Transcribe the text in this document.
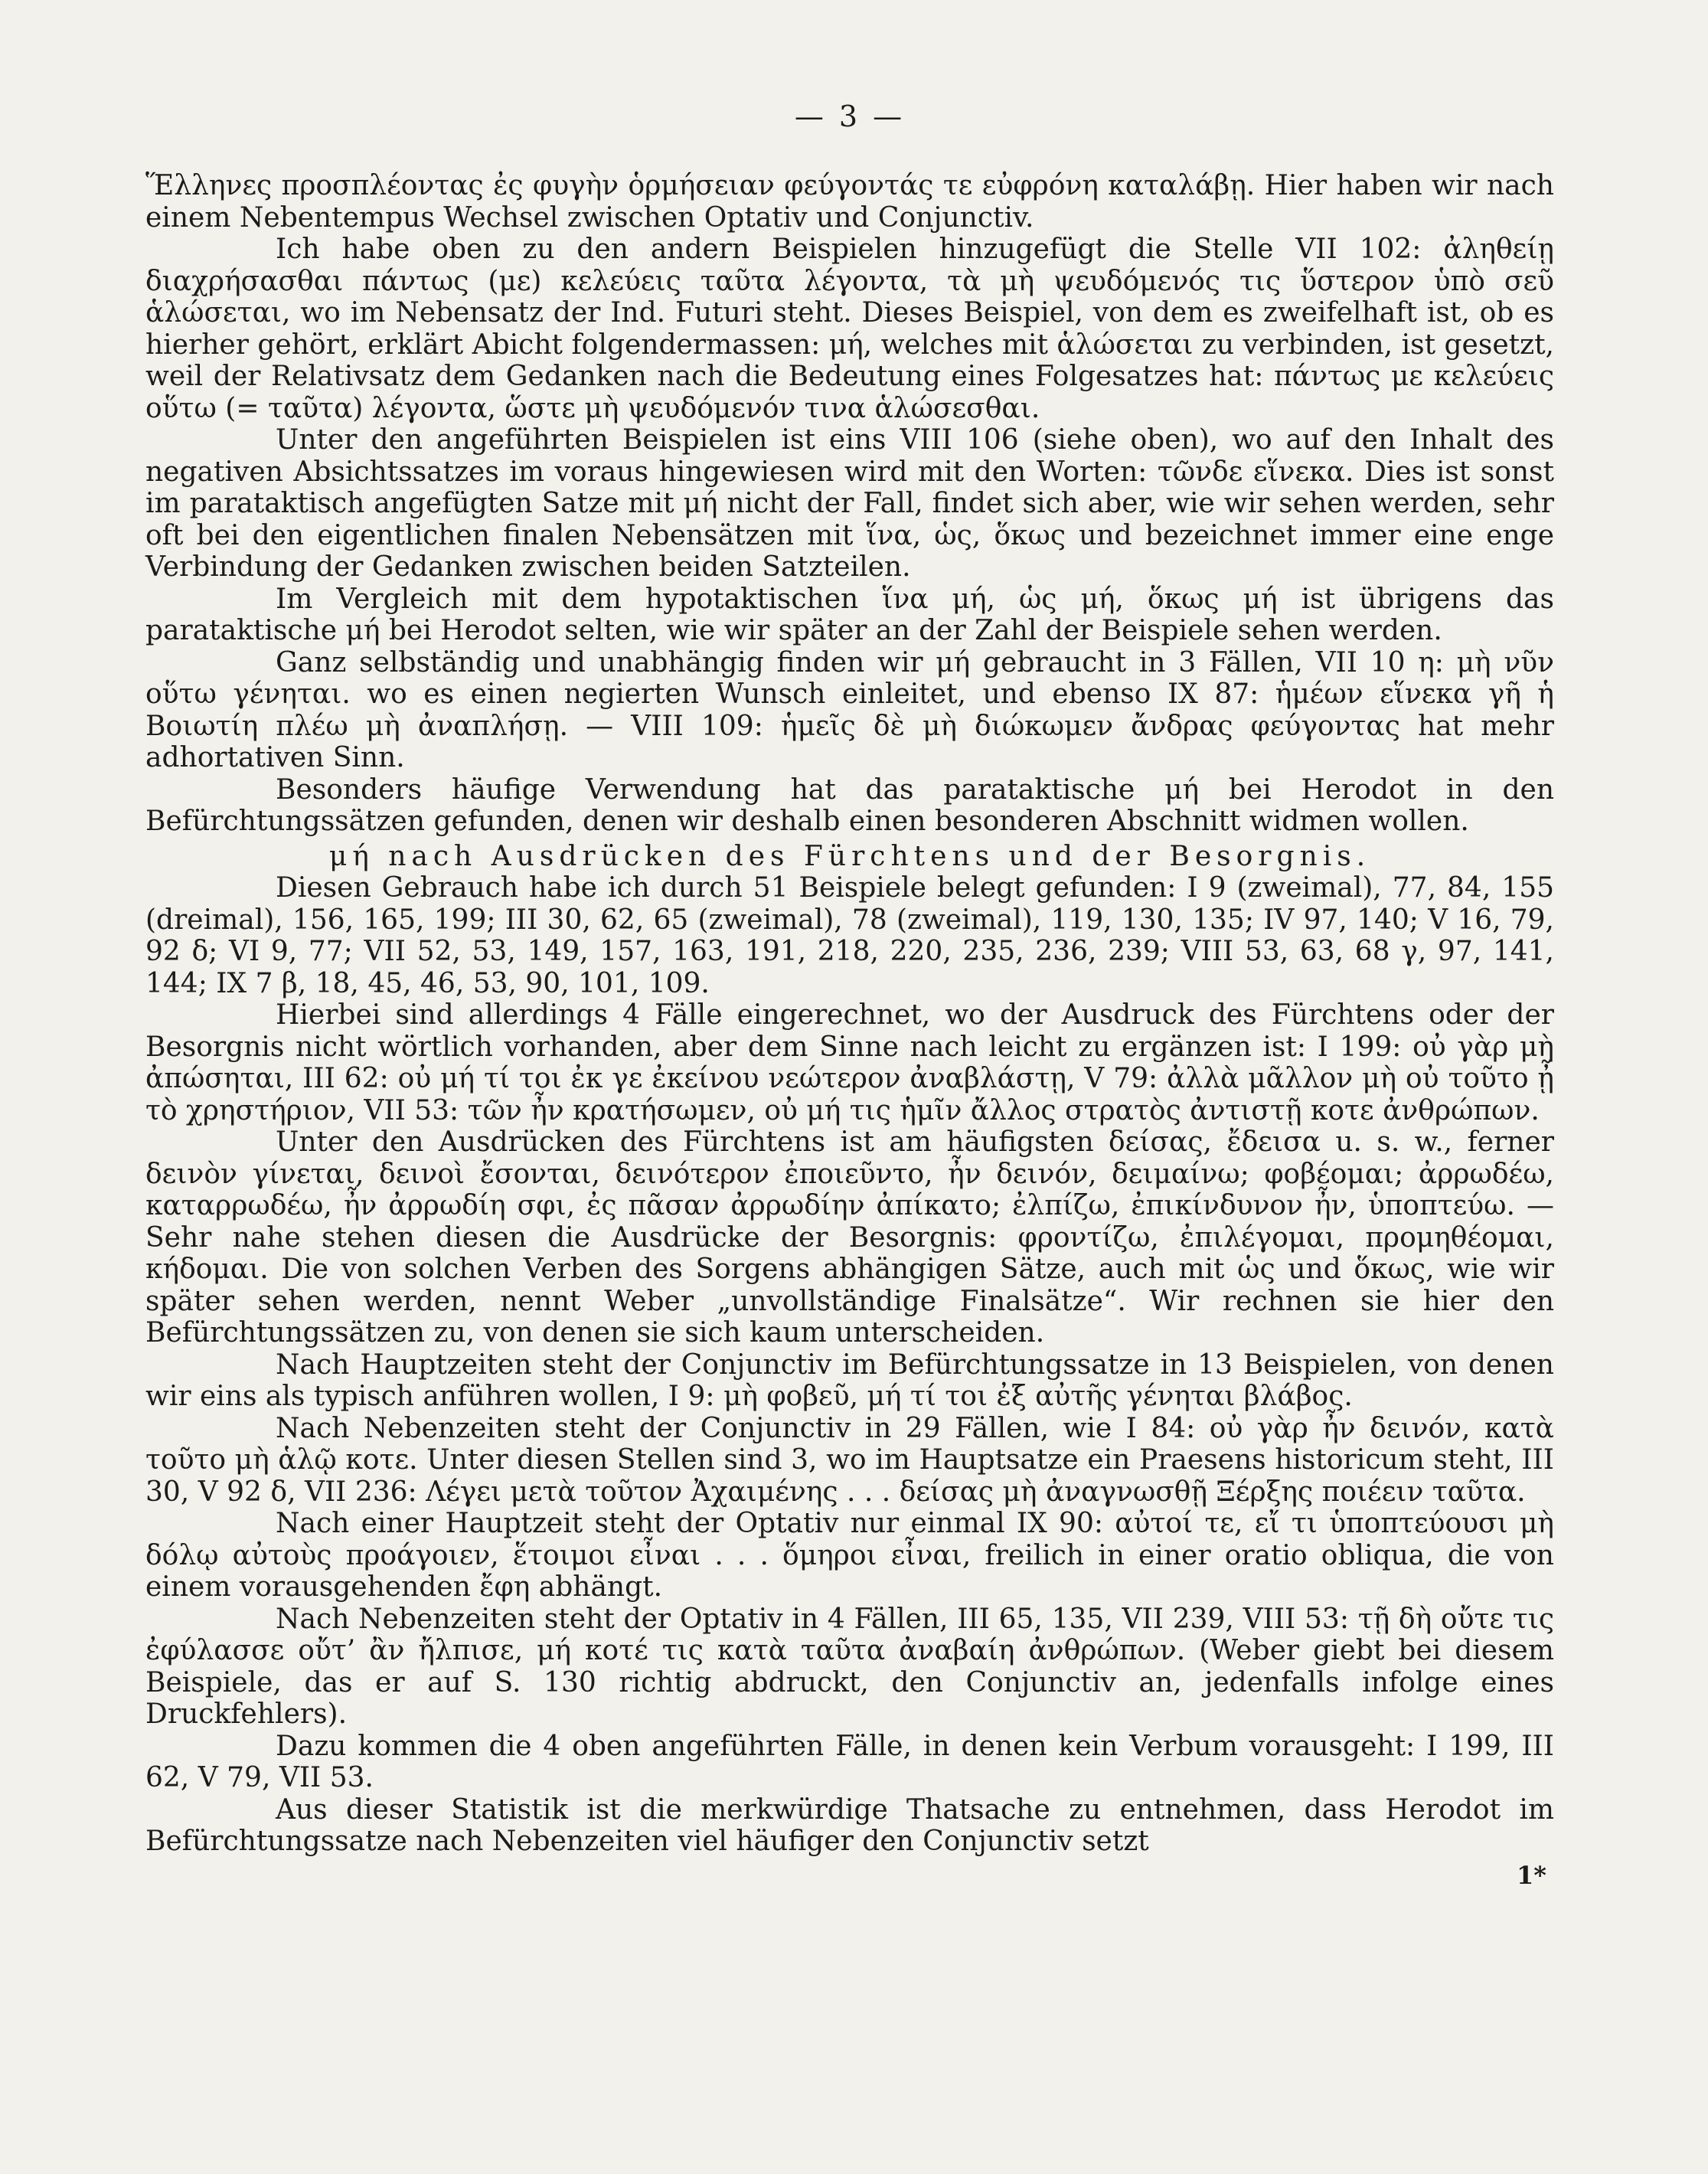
— 3 —

Ἕλληνες προσπλέοντας ἐς φυγὴν ὁρμήσειαν φεύγοντάς τε εὐφρόνη καταλάβῃ. Hier haben wir nach einem Nebentempus Wechsel zwischen Optativ und Conjunctiv.

Ich habe oben zu den andern Beispielen hinzugefügt die Stelle VII 102: ἀληθείῃ διαχρήσασθαι πάντως (με) κελεύεις ταῦτα λέγοντα, τὰ μὴ ψευδόμενός τις ὕστερον ὑπὸ σεῦ ἁλώσεται, wo im Nebensatz der Ind. Futuri steht. Dieses Beispiel, von dem es zweifelhaft ist, ob es hierher gehört, erklärt Abicht folgendermassen: μή, welches mit ἁλώσεται zu verbinden, ist gesetzt, weil der Relativsatz dem Gedanken nach die Bedeutung eines Folgesatzes hat: πάντως με κελεύεις οὕτω (= ταῦτα) λέγοντα, ὥστε μὴ ψευδόμενόν τινα ἁλώσεσθαι.

Unter den angeführten Beispielen ist eins VIII 106 (siehe oben), wo auf den Inhalt des negativen Absichtssatzes im voraus hingewiesen wird mit den Worten: τῶνδε εἵνεκα. Dies ist sonst im parataktisch angefügten Satze mit μή nicht der Fall, findet sich aber, wie wir sehen werden, sehr oft bei den eigentlichen finalen Nebensätzen mit ἵνα, ὡς, ὅκως und bezeichnet immer eine enge Verbindung der Gedanken zwischen beiden Satzteilen.

Im Vergleich mit dem hypotaktischen ἵνα μή, ὡς μή, ὅκως μή ist übrigens das parataktische μή bei Herodot selten, wie wir später an der Zahl der Beispiele sehen werden.

Ganz selbständig und unabhängig finden wir μή gebraucht in 3 Fällen, VII 10 η: μὴ νῦν οὕτω γένηται. wo es einen negierten Wunsch einleitet, und ebenso IX 87: ἡμέων εἵνεκα γῆ ἡ Βοιωτίη πλέω μὴ ἀναπλήσῃ. — VIII 109: ἡμεῖς δὲ μὴ διώκωμεν ἄνδρας φεύγοντας hat mehr adhortativen Sinn.

Besonders häufige Verwendung hat das parataktische μή bei Herodot in den Befürchtungssätzen gefunden, denen wir deshalb einen besonderen Abschnitt widmen wollen.

μή nach Ausdrücken des Fürchtens und der Besorgnis.

Diesen Gebrauch habe ich durch 51 Beispiele belegt gefunden: I 9 (zweimal), 77, 84, 155 (dreimal), 156, 165, 199; III 30, 62, 65 (zweimal), 78 (zweimal), 119, 130, 135; IV 97, 140; V 16, 79, 92 δ; VI 9, 77; VII 52, 53, 149, 157, 163, 191, 218, 220, 235, 236, 239; VIII 53, 63, 68 γ, 97, 141, 144; IX 7 β, 18, 45, 46, 53, 90, 101, 109.

Hierbei sind allerdings 4 Fälle eingerechnet, wo der Ausdruck des Fürchtens oder der Besorgnis nicht wörtlich vorhanden, aber dem Sinne nach leicht zu ergänzen ist: I 199: οὐ γὰρ μὴ ἀπώσηται, III 62: οὐ μή τί τοι ἐκ γε ἐκείνου νεώτερον ἀναβλάστῃ, V 79: ἀλλὰ μᾶλλον μὴ οὐ τοῦτο ᾖ τὸ χρηστήριον, VII 53: τῶν ἦν κρατήσωμεν, οὐ μή τις ἡμῖν ἄλλος στρατὸς ἀντιστῇ κοτε ἀνθρώπων.

Unter den Ausdrücken des Fürchtens ist am häufigsten δείσας, ἔδεισα u. s. w., ferner δεινὸν γίνεται, δεινοὶ ἔσονται, δεινότερον ἐποιεῦντο, ἦν δεινόν, δειμαίνω; φοβέομαι; ἀρρωδέω, καταρρωδέω, ἦν ἀρρωδίη σφι, ἐς πᾶσαν ἀρρωδίην ἀπίκατο; ἐλπίζω, ἐπικίνδυνον ἦν, ὑποπτεύω. — Sehr nahe stehen diesen die Ausdrücke der Besorgnis: φροντίζω, ἐπιλέγομαι, προμηθέομαι, κήδομαι. Die von solchen Verben des Sorgens abhängigen Sätze, auch mit ὡς und ὅκως, wie wir später sehen werden, nennt Weber „unvollständige Finalsätze“. Wir rechnen sie hier den Befürchtungssätzen zu, von denen sie sich kaum unterscheiden.

Nach Hauptzeiten steht der Conjunctiv im Befürchtungssatze in 13 Beispielen, von denen wir eins als typisch anführen wollen, I 9: μὴ φοβεῦ, μή τί τοι ἐξ αὐτῆς γένηται βλάβος.

Nach Nebenzeiten steht der Conjunctiv in 29 Fällen, wie I 84: οὐ γὰρ ἦν δεινόν, κατὰ τοῦτο μὴ ἁλῷ κοτε. Unter diesen Stellen sind 3, wo im Hauptsatze ein Praesens historicum steht, III 30, V 92 δ, VII 236: Λέγει μετὰ τοῦτον Ἀχαιμένης . . . δείσας μὴ ἀναγνωσθῇ Ξέρξης ποιέειν ταῦτα.

Nach einer Hauptzeit steht der Optativ nur einmal IX 90: αὐτοί τε, εἴ τι ὑποπτεύουσι μὴ δόλῳ αὐτοὺς προάγοιεν, ἕτοιμοι εἶναι . . . ὅμηροι εἶναι, freilich in einer oratio obliqua, die von einem vorausgehenden ἔφη abhängt.

Nach Nebenzeiten steht der Optativ in 4 Fällen, III 65, 135, VII 239, VIII 53: τῇ δὴ οὔτε τις ἐφύλασσε οὔτ’ ἂν ἤλπισε, μή κοτέ τις κατὰ ταῦτα ἀναβαίη ἀνθρώπων. (Weber giebt bei diesem Beispiele, das er auf S. 130 richtig abdruckt, den Conjunctiv an, jedenfalls infolge eines Druckfehlers).

Dazu kommen die 4 oben angeführten Fälle, in denen kein Verbum vorausgeht: I 199, III 62, V 79, VII 53.

Aus dieser Statistik ist die merkwürdige Thatsache zu entnehmen, dass Herodot im Befürchtungssatze nach Nebenzeiten viel häufiger den Conjunctiv setzt

1*
